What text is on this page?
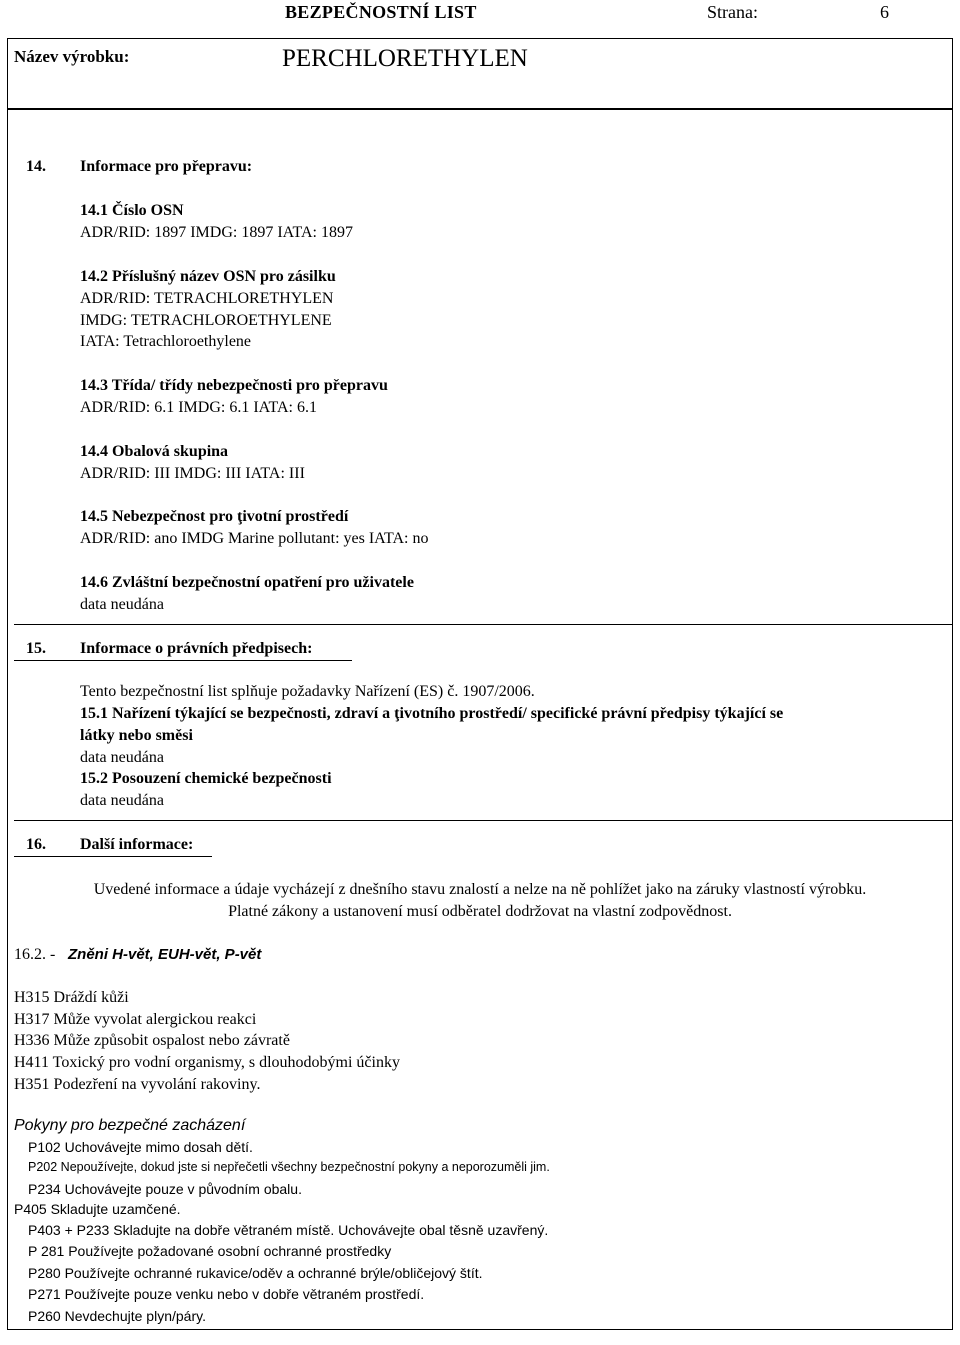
BEZPEČNOSTNÍ LIST	Strana:	6
Název výrobku:	PERCHLORETHYLEN
14. Informace pro přepravu:
14.1 Číslo OSN
ADR/RID: 1897 IMDG: 1897 IATA: 1897
14.2 Příslušný název OSN pro zásilku
ADR/RID: TETRACHLORETHYLEN
IMDG: TETRACHLOROETHYLENE
IATA: Tetrachloroethylene
14.3 Třída/ třídy nebezpečnosti pro přepravu
ADR/RID: 6.1 IMDG: 6.1 IATA: 6.1
14.4 Obalová skupina
ADR/RID: III IMDG: III IATA: III
14.5 Nebezpečnost pro ţivotní prostředí
ADR/RID: ano IMDG Marine pollutant: yes IATA: no
14.6 Zvláštní bezpečnostní opatření pro uživatele
data neudána
15. Informace o právních předpisech:
Tento bezpečnostní list splňuje požadavky Nařízení (ES) č. 1907/2006.
15.1 Nařízení týkající se bezpečnosti, zdraví a ţivotního prostředí/ specifické právní předpisy týkající se
látky nebo směsi
data neudána
15.2 Posouzení chemické bezpečnosti
data neudána
16. Další informace:
Uvedené informace a údaje vycházejí z dnešního stavu znalostí a nelze na ně pohlížet jako na záruky vlastností výrobku.
Platné zákony a ustanovení musí odběratel dodržovat na vlastní zodpovědnost.
16.2. - Zněni H-vět, EUH-vět, P-vět
H315 Dráždí kůži
H317 Může vyvolat alergickou reakci
H336 Může způsobit ospalost nebo závratě
H411 Toxický pro vodní organismy, s dlouhodobými účinky
H351 Podezření na vyvolání rakoviny.
Pokyny pro bezpečné zacházení
P102 Uchovávejte mimo dosah dětí.
P202 Nepoužívejte, dokud jste si nepřečetli všechny bezpečnostní pokyny a neporozuměli jim.
P234 Uchovávejte pouze v původním obalu.
P405 Skladujte uzamčené.
P403 + P233 Skladujte na dobře větraném místě. Uchovávejte obal těsně uzavřený.
P 281 Používejte požadované osobní ochranné prostředky
P280 Používejte ochranné rukavice/oděv a ochranné brýle/obličejový štít.
P271 Používejte pouze venku nebo v dobře větraném prostředí.
P260 Nevdechujte plyn/páry.
